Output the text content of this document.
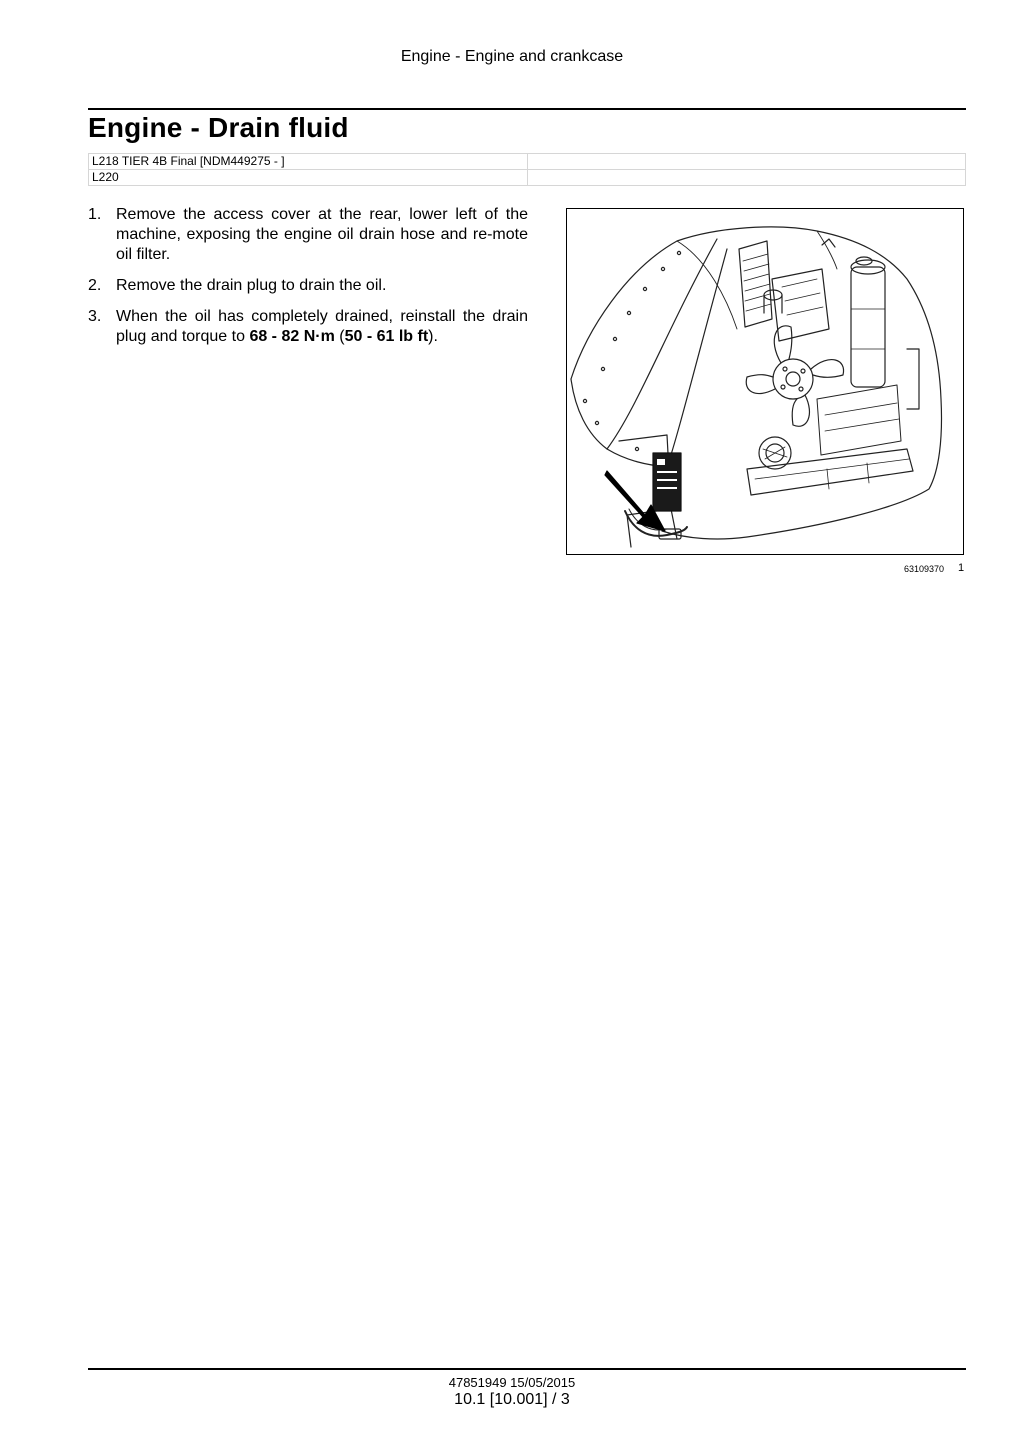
Engine - Engine and crankcase
Engine - Drain fluid
L218 TIER 4B Final [NDM449275 - ]	
L220	
1. Remove the access cover at the rear, lower left of the machine, exposing the engine oil drain hose and re-mote oil filter.
2. Remove the drain plug to drain the oil.
3. When the oil has completely drained, reinstall the drain plug and torque to 68 - 82 N·m (50 - 61 lb ft).
63109370 1
47851949 15/05/2015
10.1 [10.001] / 3
